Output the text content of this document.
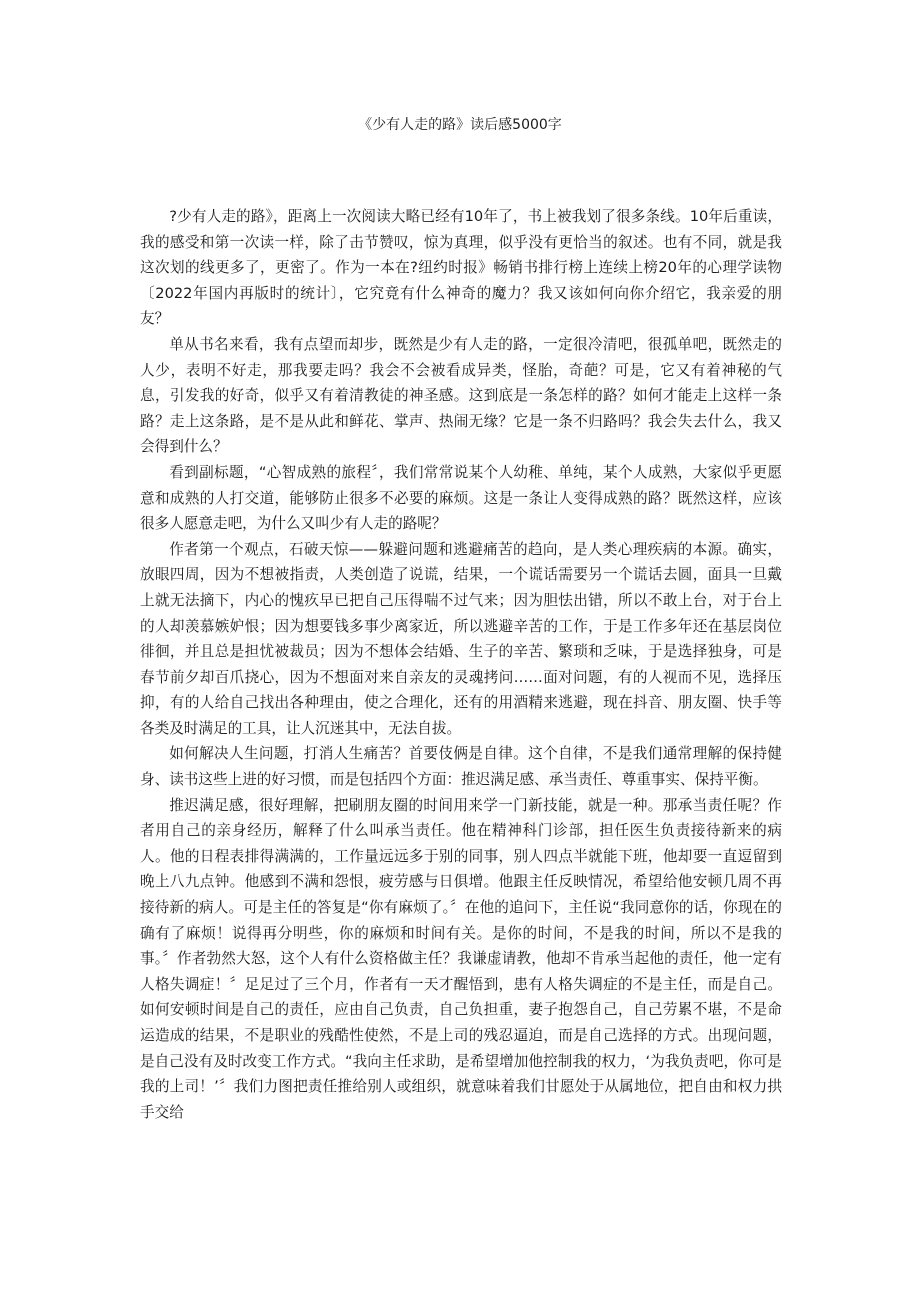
《少有人走的路》读后感5000字

?少有人走的路》，距离上一次阅读大略已经有10年了，书上被我划了很多条线。10年后重读，我的感受和第一次读一样，除了击节赞叹，惊为真理，似乎没有更恰当的叙述。也有不同，就是我这次划的线更多了，更密了。作为一本在?纽约时报》畅销书排行榜上连续上榜20年的心理学读物〔2022年国内再版时的统计〕，它究竟有什么神奇的魔力？我又该如何向你介绍它，我亲爱的朋友？

单从书名来看，我有点望而却步，既然是少有人走的路，一定很冷清吧，很孤单吧，既然走的人少，表明不好走，那我要走吗？我会不会被看成异类，怪胎，奇葩？可是，它又有着神秘的气息，引发我的好奇，似乎又有着清教徒的神圣感。这到底是一条怎样的路？如何才能走上这样一条路？走上这条路，是不是从此和鲜花、掌声、热闹无缘？它是一条不归路吗？我会失去什么，我又会得到什么？

看到副标题，“心智成熟的旅程〞，我们常常说某个人幼稚、单纯，某个人成熟，大家似乎更愿意和成熟的人打交道，能够防止很多不必要的麻烦。这是一条让人变得成熟的路？既然这样，应该很多人愿意走吧，为什么又叫少有人走的路呢？

作者第一个观点，石破天惊——躲避问题和逃避痛苦的趋向，是人类心理疾病的本源。确实，放眼四周，因为不想被指责，人类创造了说谎，结果，一个谎话需要另一个谎话去圆，面具一旦戴上就无法摘下，内心的愧疚早已把自己压得喘不过气来；因为胆怯出错，所以不敢上台，对于台上的人却羡慕嫉妒恨；因为想要钱多事少离家近，所以逃避辛苦的工作，于是工作多年还在基层岗位徘徊，并且总是担忧被裁员；因为不想体会结婚、生子的辛苦、繁琐和乏味，于是选择独身，可是春节前夕却百爪挠心，因为不想面对来自亲友的灵魂拷问……面对问题，有的人视而不见，选择压抑，有的人给自己找出各种理由，使之合理化，还有的用酒精来逃避，现在抖音、朋友圈、快手等各类及时满足的工具，让人沉迷其中，无法自拔。

如何解决人生问题，打消人生痛苦？首要伎俩是自律。这个自律，不是我们通常理解的保持健身、读书这些上进的好习惯，而是包括四个方面：推迟满足感、承当责任、尊重事实、保持平衡。

推迟满足感，很好理解，把刷朋友圈的时间用来学一门新技能，就是一种。那承当责任呢？作者用自己的亲身经历，解释了什么叫承当责任。他在精神科门诊部，担任医生负责接待新来的病人。他的日程表排得满满的，工作量远远多于别的同事，别人四点半就能下班，他却要一直逗留到晚上八九点钟。他感到不满和怨恨，疲劳感与日俱增。他跟主任反映情况，希望给他安顿几周不再接待新的病人。可是主任的答复是“你有麻烦了。〞在他的追问下，主任说“我同意你的话，你现在的确有了麻烦！说得再分明些，你的麻烦和时间有关。是你的时间，不是我的时间，所以不是我的事。〞作者勃然大怒，这个人有什么资格做主任？我谦虚请教，他却不肯承当起他的责任，他一定有人格失调症！〞足足过了三个月，作者有一天才醒悟到，患有人格失调症的不是主任，而是自己。如何安顿时间是自己的责任，应由自己负责，自己负担重，妻子抱怨自己，自己劳累不堪，不是命运造成的结果，不是职业的残酷性使然，不是上司的残忍逼迫，而是自己选择的方式。出现问题，是自己没有及时改变工作方式。“我向主任求助，是希望增加他控制我的权力，‘为我负责吧，你可是我的上司！’〞我们力图把责任推给别人或组织，就意味着我们甘愿处于从属地位，把自由和权力拱手交给
